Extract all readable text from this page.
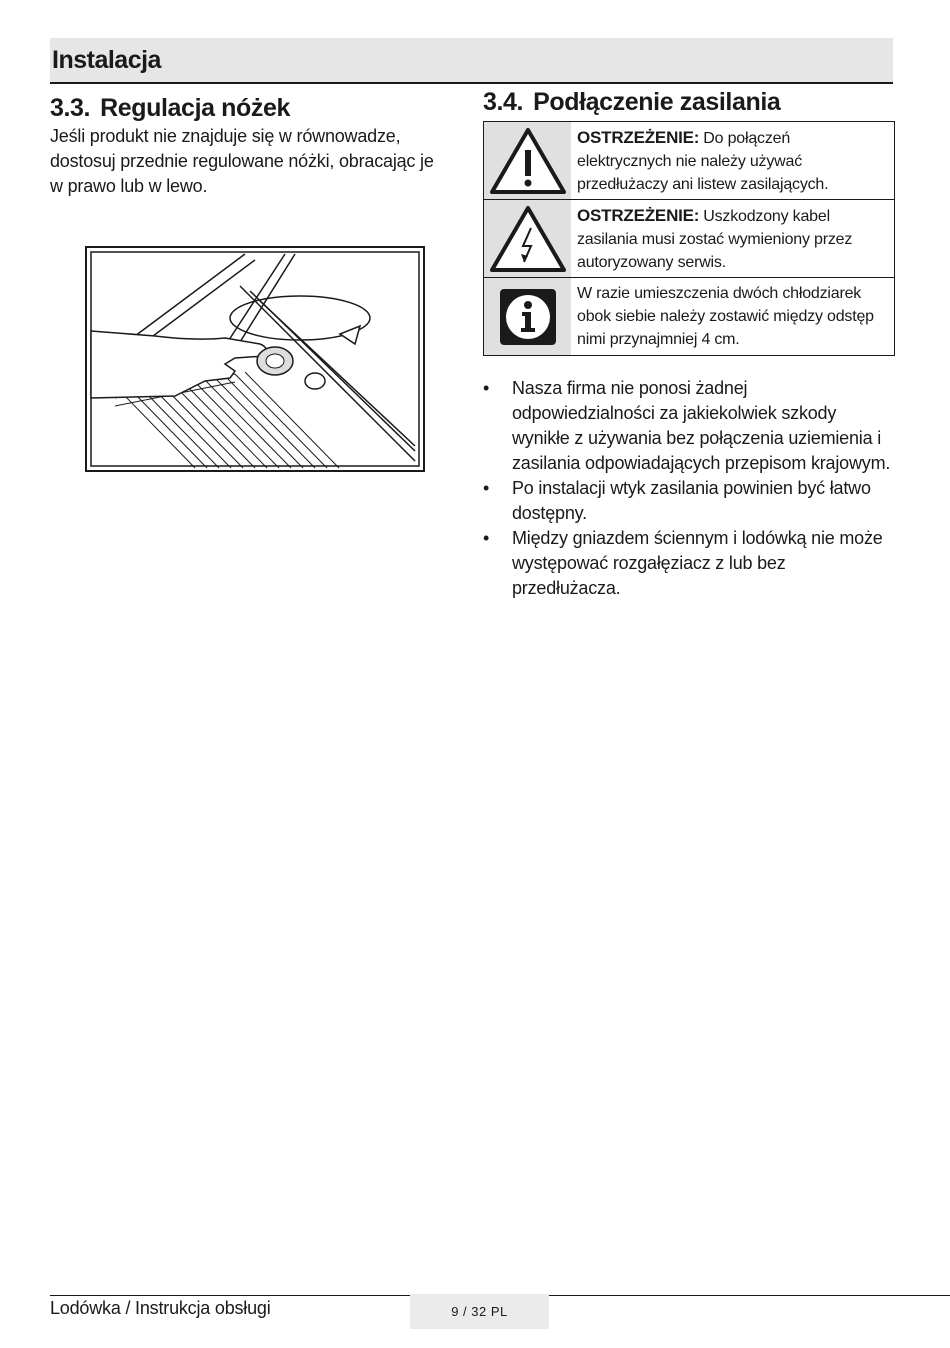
Instalacja
3.3. Regulacja nóżek

Jeśli produkt nie znajduje się w równowadze, dostosuj przednie regulowane nóżki, obracając je w prawo lub w lewo.

3.4. Podłączenie zasilania
OSTRZEŻENIE: Do połączeń elektrycznych nie należy używać przedłużaczy ani listew zasilających.
OSTRZEŻENIE: Uszkodzony kabel zasilania musi zostać wymieniony przez autoryzowany serwis.
W razie umieszczenia dwóch chłodziarek obok siebie należy zostawić między odstęp nimi przynajmniej 4 cm.
• Nasza firma nie ponosi żadnej odpowiedzialności za jakiekolwiek szkody wynikłe z używania bez połączenia uziemienia i zasilania odpowiadających przepisom krajowym.
• Po instalacji wtyk zasilania powinien być łatwo dostępny.
• Między gniazdem ściennym i lodówką nie może występować rozgałęziacz z lub bez przedłużacza.
Lodówka / Instrukcja obsługi	9 / 32 PL
